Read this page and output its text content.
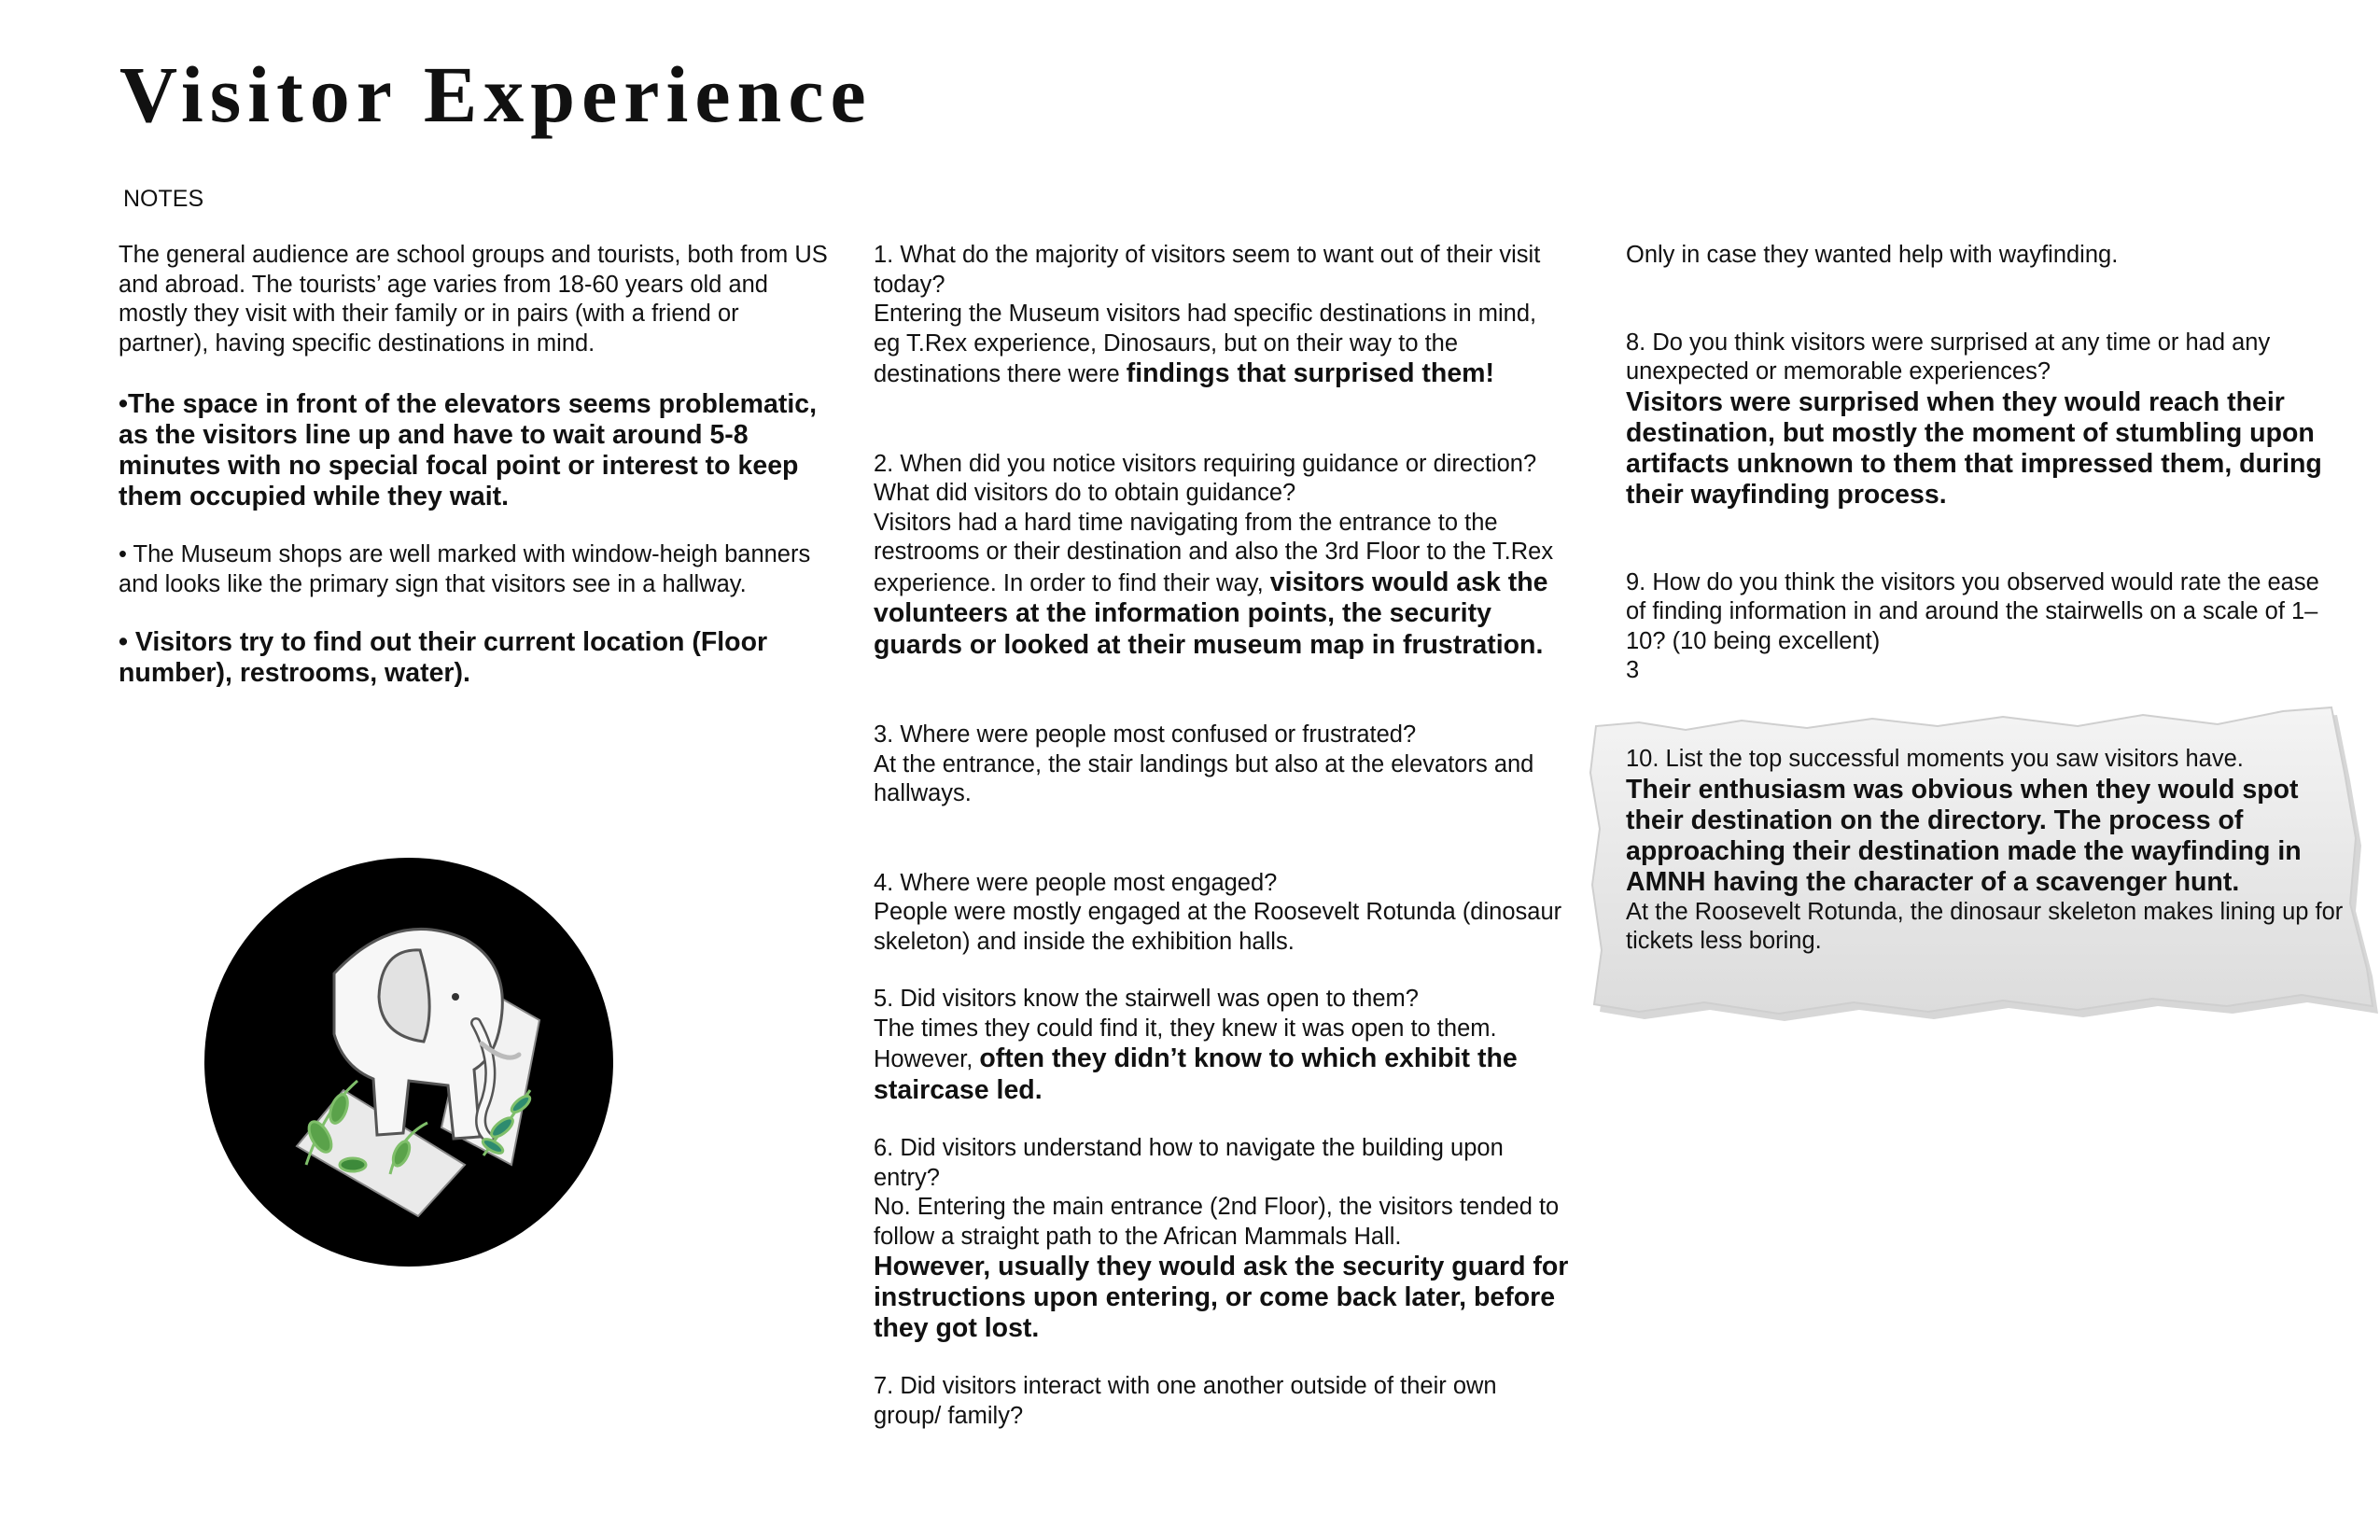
Visitor Experience
NOTES

The general audience are school groups and tourists, both from US and abroad. The tourists’ age varies from 18-60 years old and mostly they visit with their family or in pairs (with a friend or partner), having specific destinations in mind.

•The space in front of the elevators seems problematic, as the visitors line up and have to wait around 5-8 minutes with no special focal point or interest to keep them occupied while they wait.

• The Museum shops are well marked with window-heigh banners and looks like the primary sign that visitors see in a hallway.

• Visitors try to find out their current location (Floor number), restrooms, water).

1. What do the majority of visitors seem to want out of their visit today?

Entering the Museum visitors had specific destinations in mind, eg T.Rex experience, Dinosaurs, but on their way to the destinations there were findings that surprised them!

2. When did you notice visitors requiring guidance or direction? What did visitors do to obtain guidance?

Visitors had a hard time navigating from the entrance to the restrooms or their destination and also the 3rd Floor to the T.Rex experience. In order to find their way, visitors would ask the volunteers at the information points, the security guards or looked at their museum map in frustration.

3. Where were people most confused or frustrated?

At the entrance, the stair landings but also at the elevators and hallways.

4. Where were people most engaged?

People were mostly engaged at the Roosevelt Rotunda (dinosaur skeleton) and inside the exhibition halls.

5. Did visitors know the stairwell was open to them?

The times they could find it, they knew it was open to them. However, often they didn’t know to which exhibit the staircase led.

6. Did visitors understand how to navigate the building upon entry?

No. Entering the main entrance (2nd Floor), the visitors tended to follow a straight path to the African Mammals Hall.

However, usually they would ask the security guard for instructions upon entering, or come back later, before they got lost.

7. Did visitors interact with one another outside of their own group/ family?

Only in case they wanted help with wayfinding.

8. Do you think visitors were surprised at any time or had any unexpected or memorable experiences?

Visitors were surprised when they would reach their destination, but mostly the moment of stumbling upon artifacts unknown to them that impressed them, during their wayfinding process.

9. How do you think the visitors you observed would rate the ease of finding information in and around the stairwells on a scale of 1–10? (10 being excellent)

3

10. List the top successful moments you saw visitors have.

Their enthusiasm was obvious when they would spot their destination on the directory. The process of approaching their destination made the wayfinding in AMNH having the character of a scavenger hunt.

At the Roosevelt Rotunda, the dinosaur skeleton makes lining up for tickets less boring.
